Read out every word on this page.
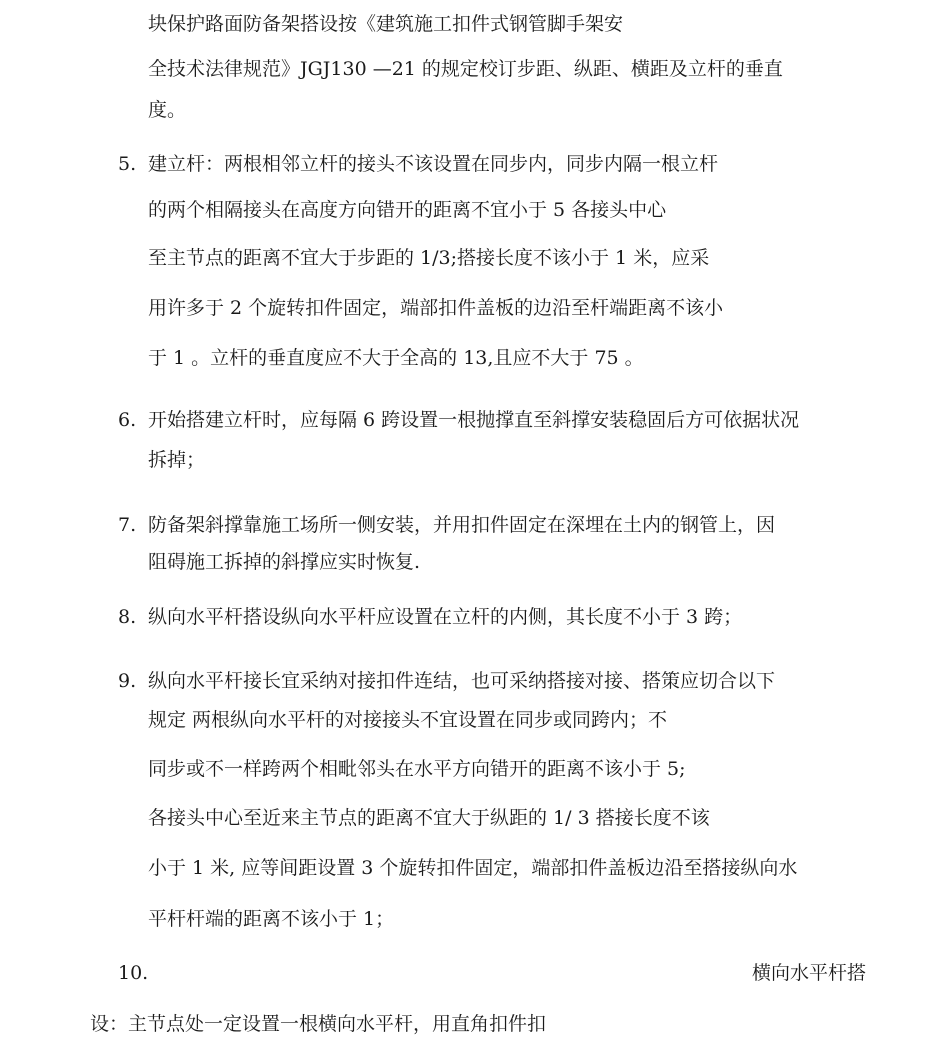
块保护路面防备架搭设按《建筑施工扣件式钢管脚手架安
全技术法律规范》JGJ130 —21 的规定校订步距、纵距、横距及立杆的垂直
度。
5. 建立杆：两根相邻立杆的接头不该设置在同步内，同步内隔一根立杆
的两个相隔接头在高度方向错开的距离不宜小于 5 各接头中心
至主节点的距离不宜大于步距的 1/3;搭接长度不该小于 1 米，应采
用许多于 2 个旋转扣件固定，端部扣件盖板的边沿至杆端距离不该小
于 1 。立杆的垂直度应不大于全高的 13,且应不大于 75 。
6. 开始搭建立杆时，应每隔 6 跨设置一根抛撑直至斜撑安装稳固后方可依据状况
拆掉；
7. 防备架斜撑靠施工场所一侧安装，并用扣件固定在深埋在土内的钢管上，因
阻碍施工拆掉的斜撑应实时恢复.
8. 纵向水平杆搭设纵向水平杆应设置在立杆的内侧，其长度不小于 3 跨；
9. 纵向水平杆接长宜采纳对接扣件连结，也可采纳搭接对接、搭策应切合以下
规定 两根纵向水平杆的对接接头不宜设置在同步或同跨内；不
同步或不一样跨两个相毗邻头在水平方向错开的距离不该小于 5;
各接头中心至近来主节点的距离不宜大于纵距的 1/ 3 搭接长度不该
小于 1 米, 应等间距设置 3 个旋转扣件固定，端部扣件盖板边沿至搭接纵向水
平杆杆端的距离不该小于 1；
10.	横向水平杆搭
设：主节点处一定设置一根横向水平杆，用直角扣件扣
